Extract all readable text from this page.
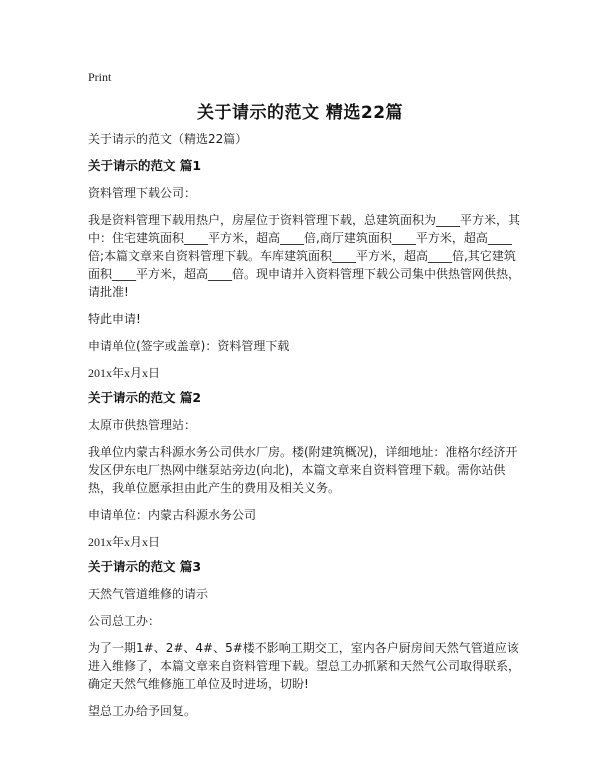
Print
关于请示的范文 精选22篇

关于请示的范文（精选22篇）

关于请示的范文 篇1

资料管理下载公司：

我是资料管理下载用热户，房屋位于资料管理下载，总建筑面积为____平方米，其中：住宅建筑面积____平方米，超高____倍,商厅建筑面积____平方米，超高____倍;本篇文章来自资料管理下载。车库建筑面积____平方米，超高____倍,其它建筑面积____平方米，超高____倍。现申请并入资料管理下载公司集中供热管网供热，请批准!

特此申请!

申请单位(签字或盖章)：资料管理下载

201x年x月x日

关于请示的范文 篇2

太原市供热管理站：

我单位内蒙古科源水务公司供水厂房。楼(附建筑概况)，详细地址：准格尔经济开发区伊东电厂热网中继泵站旁边(向北)，本篇文章来自资料管理下载。需你站供热，我单位愿承担由此产生的费用及相关义务。

申请单位：内蒙古科源水务公司

201x年x月x日

关于请示的范文 篇3

天然气管道维修的请示

公司总工办：

为了一期1#、2#、4#、5#楼不影响工期交工，室内各户厨房间天然气管道应该进入维修了，本篇文章来自资料管理下载。望总工办抓紧和天然气公司取得联系，确定天然气维修施工单位及时进场，切盼!

望总工办给予回复。
